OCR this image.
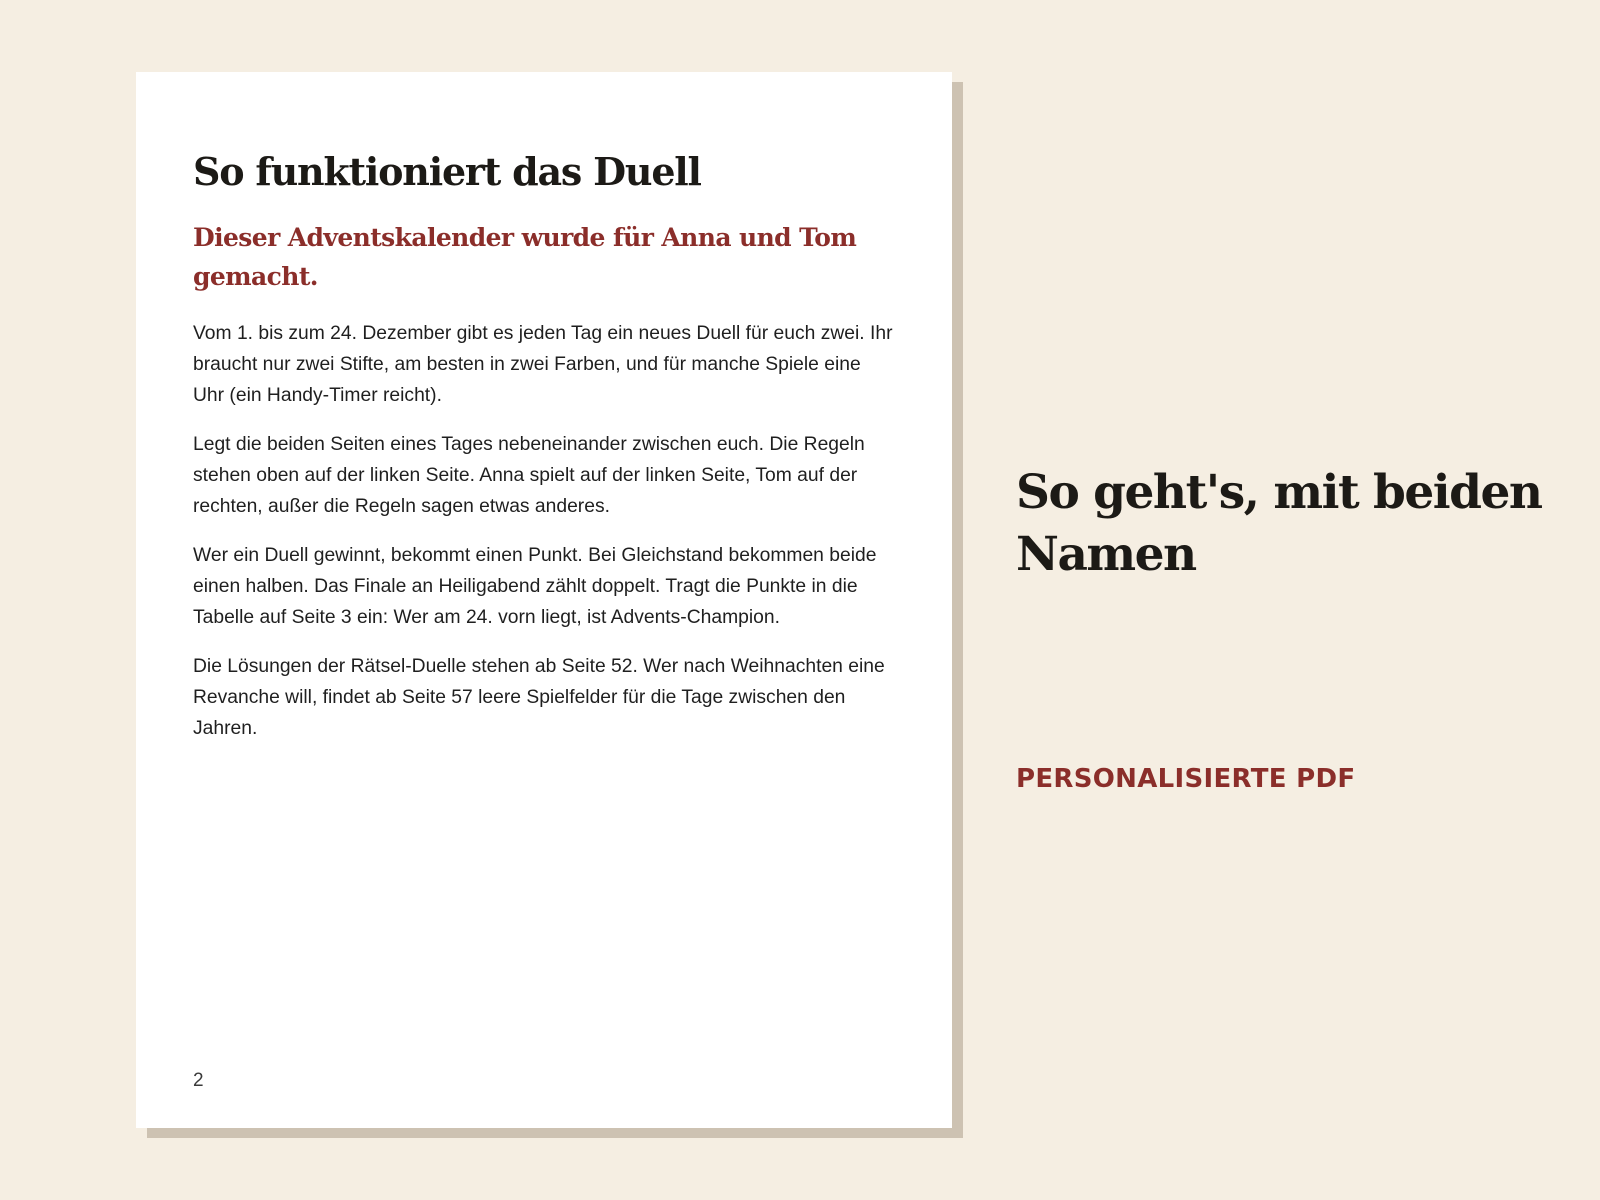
So funktioniert das Duell
Dieser Adventskalender wurde für Anna und Tom gemacht.

Vom 1. bis zum 24. Dezember gibt es jeden Tag ein neues Duell für euch zwei. Ihr braucht nur zwei Stifte, am besten in zwei Farben, und für manche Spiele eine Uhr (ein Handy-Timer reicht).

Legt die beiden Seiten eines Tages nebeneinander zwischen euch. Die Regeln stehen oben auf der linken Seite. Anna spielt auf der linken Seite, Tom auf der rechten, außer die Regeln sagen etwas anderes.

Wer ein Duell gewinnt, bekommt einen Punkt. Bei Gleichstand bekommen beide einen halben. Das Finale an Heiligabend zählt doppelt. Tragt die Punkte in die Tabelle auf Seite 3 ein: Wer am 24. vorn liegt, ist Advents-Champion.

Die Lösungen der Rätsel-Duelle stehen ab Seite 52. Wer nach Weihnachten eine Revanche will, findet ab Seite 57 leere Spielfelder für die Tage zwischen den Jahren.

2
So geht's, mit beiden Namen
PERSONALISIERTE PDF
